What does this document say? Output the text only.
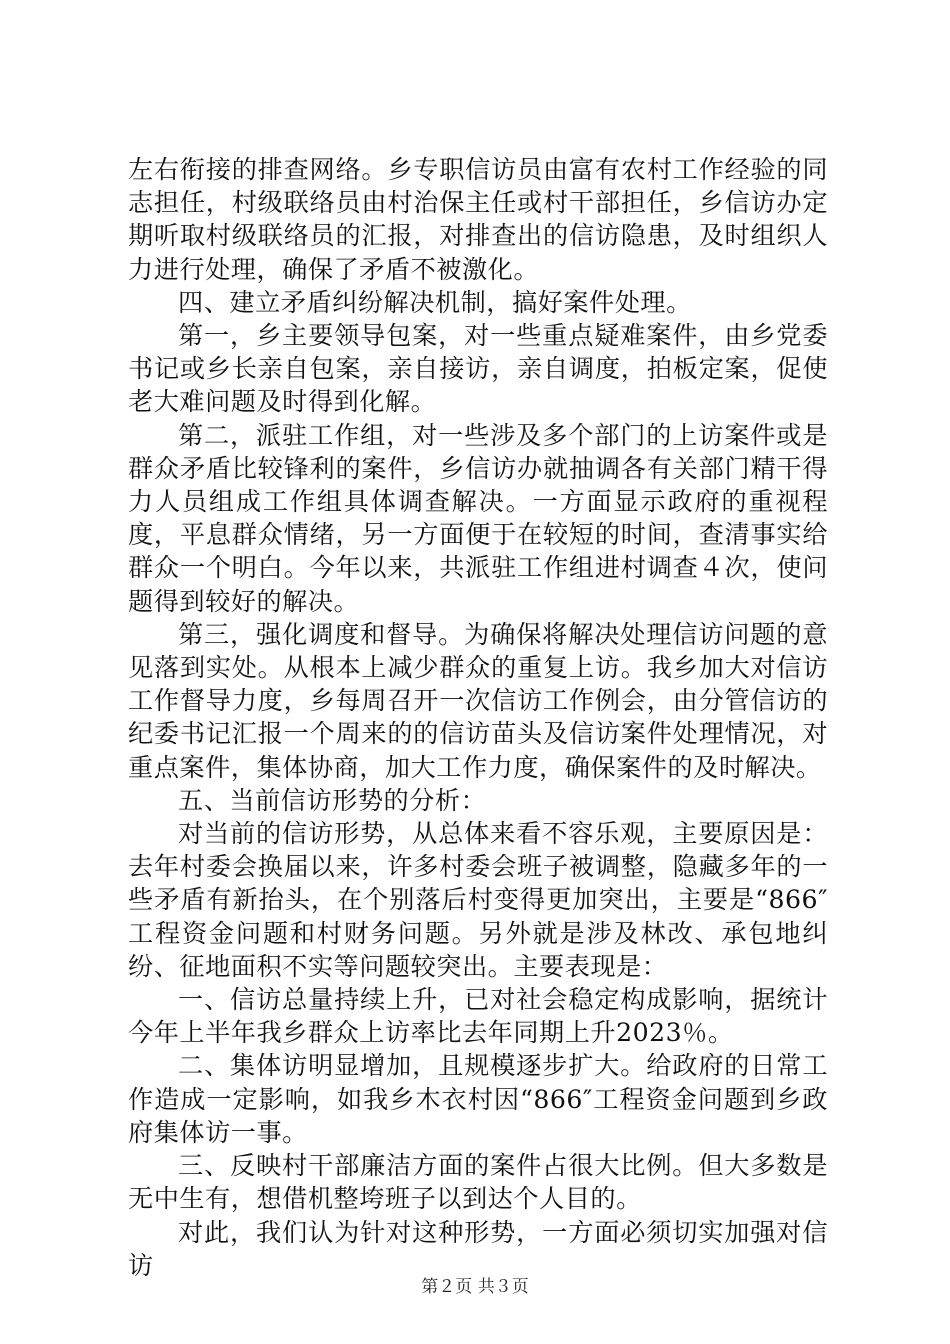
左右衔接的排查网络。乡专职信访员由富有农村工作经验的同志担任，村级联络员由村治保主任或村干部担任，乡信访办定期听取村级联络员的汇报，对排查出的信访隐患，及时组织人力进行处理，确保了矛盾不被激化。

四、建立矛盾纠纷解决机制，搞好案件处理。

第一，乡主要领导包案，对一些重点疑难案件，由乡党委书记或乡长亲自包案，亲自接访，亲自调度，拍板定案，促使老大难问题及时得到化解。

第二，派驻工作组，对一些涉及多个部门的上访案件或是群众矛盾比较锋利的案件，乡信访办就抽调各有关部门精干得力人员组成工作组具体调查解决。一方面显示政府的重视程度，平息群众情绪，另一方面便于在较短的时间，查清事实给群众一个明白。今年以来，共派驻工作组进村调查４次，使问题得到较好的解决。

第三，强化调度和督导。为确保将解决处理信访问题的意见落到实处。从根本上减少群众的重复上访。我乡加大对信访工作督导力度，乡每周召开一次信访工作例会，由分管信访的纪委书记汇报一个周来的的信访苗头及信访案件处理情况，对重点案件，集体协商，加大工作力度，确保案件的及时解决。

五、当前信访形势的分析：

对当前的信访形势，从总体来看不容乐观，主要原因是：去年村委会换届以来，许多村委会班子被调整，隐藏多年的一些矛盾有新抬头，在个别落后村变得更加突出，主要是“866″工程资金问题和村财务问题。另外就是涉及林改、承包地纠纷、征地面积不实等问题较突出。主要表现是：

一、信访总量持续上升，已对社会稳定构成影响，据统计今年上半年我乡群众上访率比去年同期上升2023％。

二、集体访明显增加，且规模逐步扩大。给政府的日常工作造成一定影响，如我乡木衣村因“866″工程资金问题到乡政府集体访一事。

三、反映村干部廉洁方面的案件占很大比例。但大多数是无中生有，想借机整垮班子以到达个人目的。

对此，我们认为针对这种形势，一方面必须切实加强对信访

第２页 共３页
